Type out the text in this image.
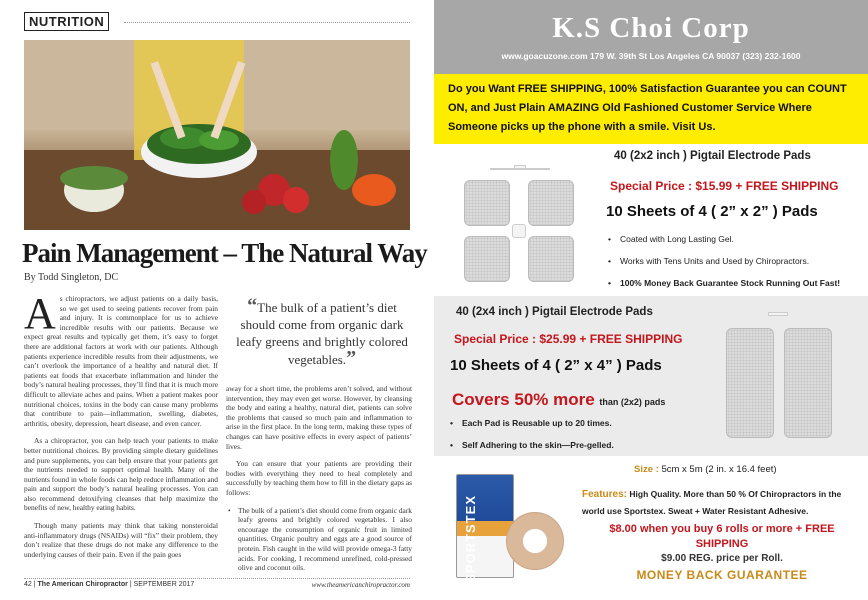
NUTRITION
Pain Management – The Natural Way
By Todd Singleton, DC

As chiropractors, we adjust patients on a daily basis, so we get used to seeing patients recover from pain and injury. It is commonplace for us to achieve incredible results with our patients. Because we expect great results and typically get them, it’s easy to forget there are additional factors at work with our patients. Although patients experience incredible results from their adjustments, we can’t overlook the importance of a healthy and natural diet. If patients eat foods that exacerbate inflammation and hinder the body’s natural healing processes, they’ll find that it is much more difficult to alleviate aches and pains. When a patient makes poor nutritional choices, toxins in the body can cause many problems that contribute to pain—inflammation, swelling, diabetes, arthritis, obesity, depression, heart disease, and even cancer.

As a chiropractor, you can help teach your patients to make better nutritional choices. By providing simple dietary guidelines and pure supplements, you can help ensure that your patients get the nutrients needed to support optimal health. Many of the nutrients found in whole foods can help reduce inflammation and pain and support the body’s natural healing processes. You can also recommend detoxifying cleanses that help maximize the benefits of new, healthy eating habits.

Though many patients may think that taking nonsteroidal anti-inflammatory drugs (NSAIDs) will “fix” their problem, they don’t realize that these drugs do not make any difference to the underlying causes of their pain. Even if the pain goes

“The bulk of a patient’s diet should come from organic dark leafy greens and brightly colored vegetables.”

away for a short time, the problems aren’t solved, and without intervention, they may even get worse. However, by cleansing the body and eating a healthy, natural diet, patients can solve the problems that caused so much pain and inflammation to arise in the first place. In the long term, making these types of changes can have positive effects in every aspect of patients’ lives.

You can ensure that your patients are providing their bodies with everything they need to heal completely and successfully by teaching them how to fill in the dietary gaps as follows:

• The bulk of a patient’s diet should come from organic dark leafy greens and brightly colored vegetables. I also encourage the consumption of organic fruit in limited quantities. Organic poultry and eggs are a good source of protein. Fish caught in the wild will provide omega-3 fatty acids. For cooking, I recommend unrefined, cold-pressed olive and coconut oils.

42 | The American Chiropractor | SEPTEMBER 2017	www.theamericanchiropractor.com
K.S Choi Corp
www.goacuzone.com 179 W. 39th St Los Angeles CA 90037 (323) 232-1600
Do you Want FREE SHIPPING, 100% Satisfaction Guarantee you can COUNT ON, and Just Plain AMAZING Old Fashioned Customer Service Where Someone picks up the phone with a smile. Visit Us.
40 (2x2 inch ) Pigtail Electrode Pads
Special Price : $15.99 + FREE SHIPPING
10 Sheets of 4 ( 2” x 2” ) Pads
• Coated with Long Lasting Gel.
• Works with Tens Units and Used by Chiropractors.
• 100% Money Back Guarantee Stock Running Out Fast!
40 (2x4 inch ) Pigtail Electrode Pads
Special Price : $25.99 + FREE SHIPPING
10 Sheets of 4 ( 2” x 4” ) Pads
Covers 50% more than (2x2) pads
• Each Pad is Reusable up to 20 times.
• Self Adhering to the skin—Pre-gelled.
SPORTSTEX
Size : 5cm x 5m (2 in. x 16.4 feet)
Features: High Quality. More than 50 % Of Chiropractors in the world use Sportstex. Sweat + Water Resistant Adhesive.
$8.00 when you buy 6 rolls or more + FREE SHIPPING
$9.00 REG. price per Roll.
MONEY BACK GUARANTEE
